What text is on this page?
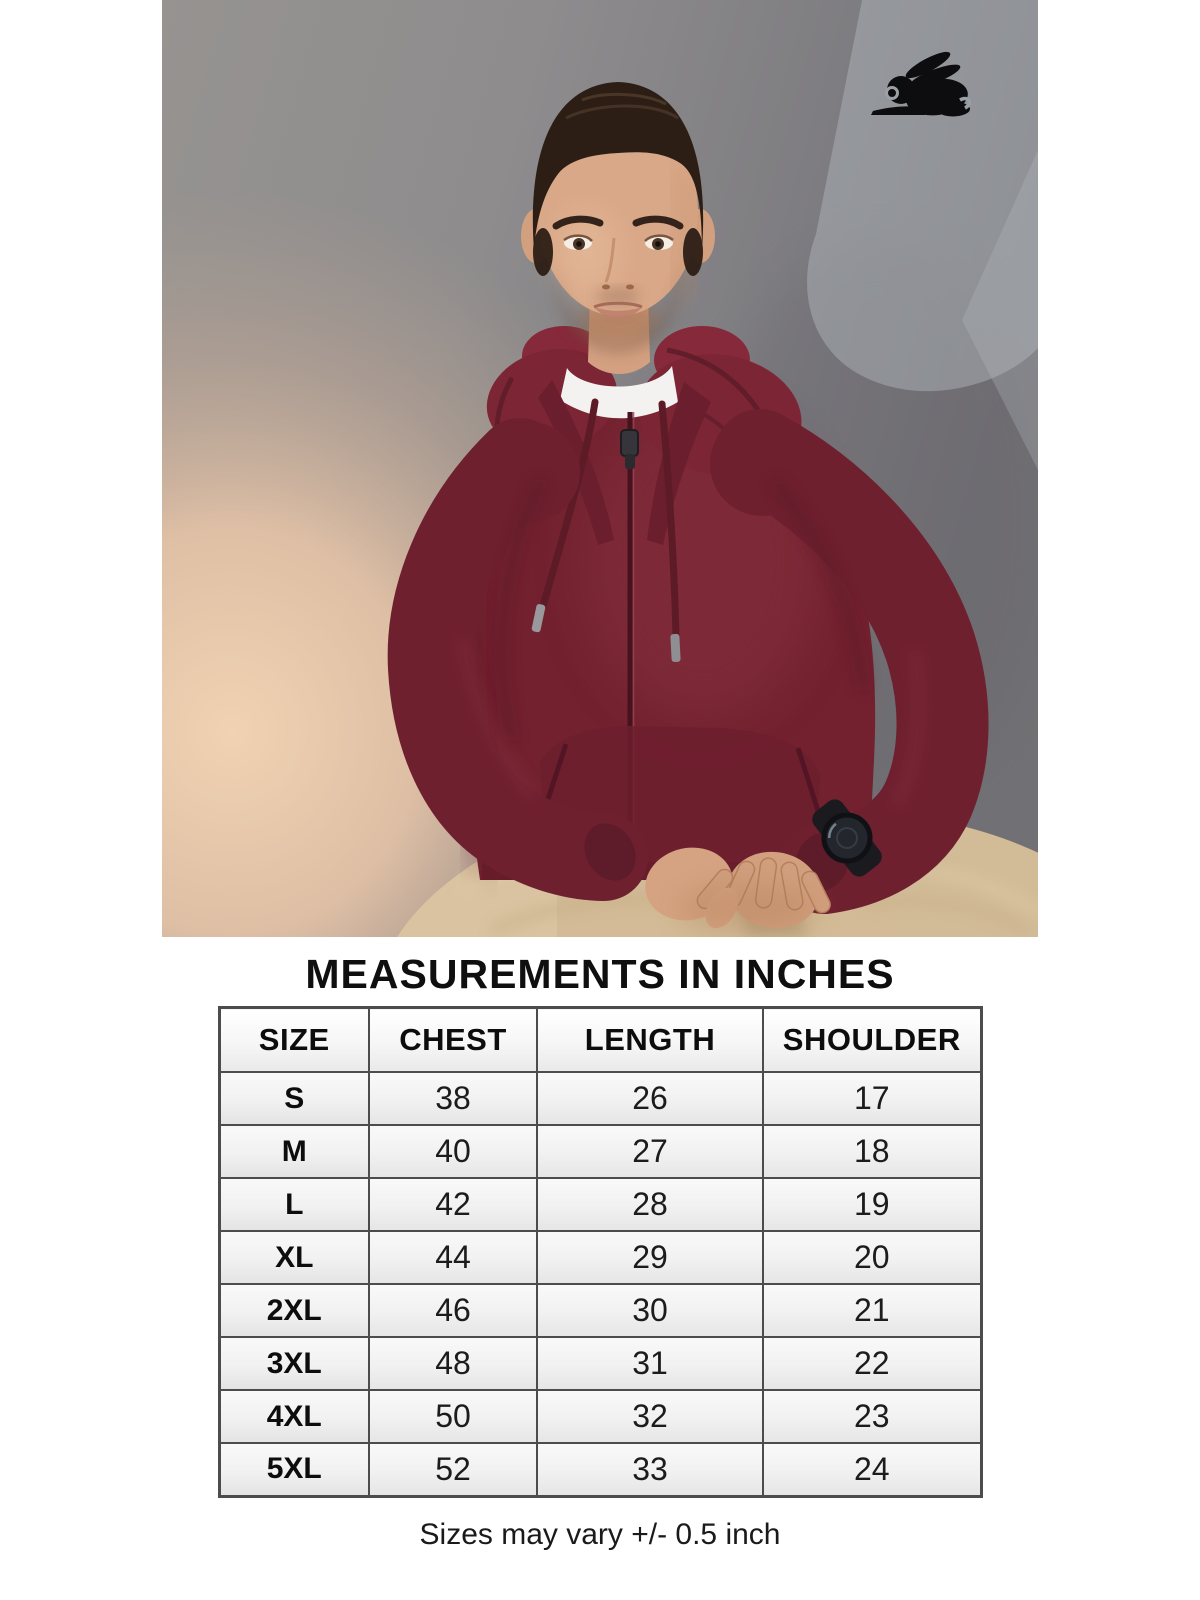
MEASUREMENTS IN INCHES
SIZE	CHEST	LENGTH	SHOULDER
S	38	26	17
M	40	27	18
L	42	28	19
XL	44	29	20
2XL	46	30	21
3XL	48	31	22
4XL	50	32	23
5XL	52	33	24

Sizes may vary +/- 0.5 inch
